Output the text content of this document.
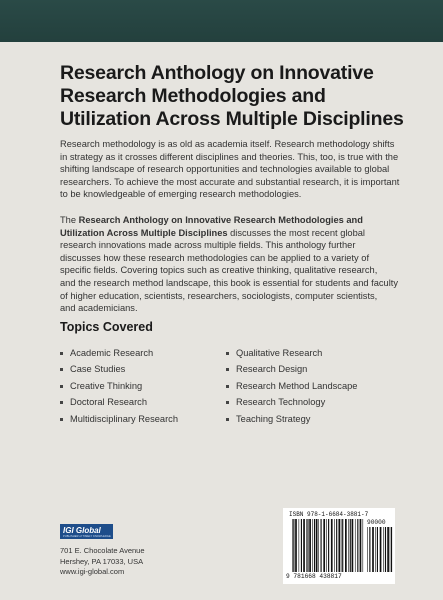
Research Anthology on Innovative
Research Methodologies and
Utilization Across Multiple Disciplines

Research methodology is as old as academia itself. Research methodology shifts
in strategy as it crosses different disciplines and theories. This, too, is true with the
shifting landscape of research opportunities and technologies available to global
researchers. To achieve the most accurate and substantial research, it is important
to be knowledgeable of emerging research methodologies.

The Research Anthology on Innovative Research Methodologies and
Utilization Across Multiple Disciplines discusses the most recent global
research innovations made across multiple fields. This anthology further
discusses how these research methodologies can be applied to a variety of
specific fields. Covering topics such as creative thinking, qualitative research,
and the research method landscape, this book is essential for students and faculty
of higher education, scientists, researchers, sociologists, computer scientists,
and academicians.

Topics Covered
Academic Research
Case Studies
Creative Thinking
Doctoral Research
Multidisciplinary Research
Qualitative Research
Research Design
Research Method Landscape
Research Technology
Teaching Strategy
IGI Global
PUBLISHER of TIMELY KNOWLEDGE
701 E. Chocolate Avenue
Hershey, PA 17033, USA
www.igi-global.com
ISBN 978-1-6684-3881-7
90000
9 781668 438817
